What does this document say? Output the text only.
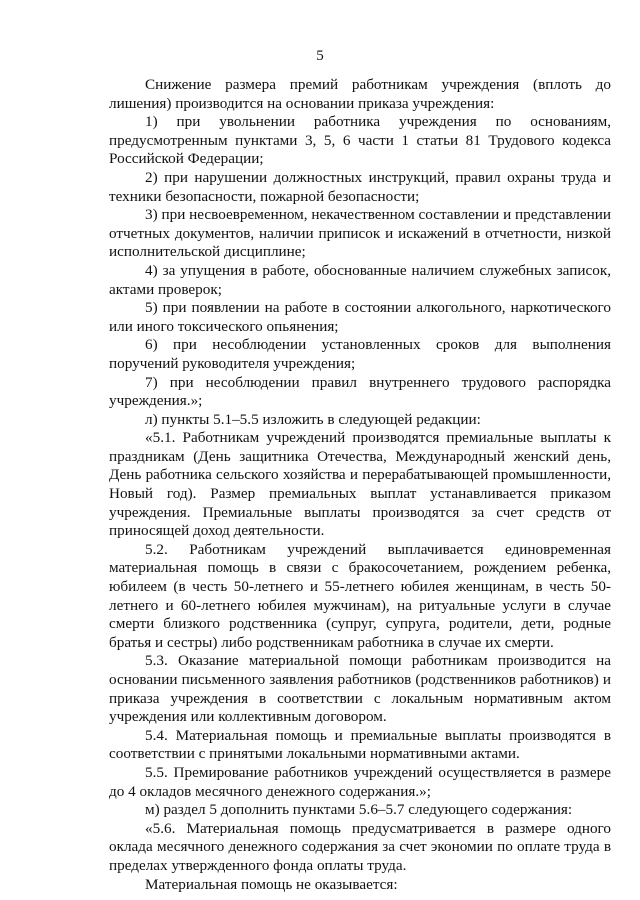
5

Снижение размера премий работникам учреждения (вплоть до лишения) производится на основании приказа учреждения:

1) при увольнении работника учреждения по основаниям, предусмотренным пунктами 3, 5, 6 части 1 статьи 81 Трудового кодекса Российской Федерации;

2) при нарушении должностных инструкций, правил охраны труда и техники безопасности, пожарной безопасности;

3) при несвоевременном, некачественном составлении и представлении отчетных документов, наличии приписок и искажений в отчетности, низкой исполнительской дисциплине;

4) за упущения в работе, обоснованные наличием служебных записок, актами проверок;

5) при появлении на работе в состоянии алкогольного, наркотического или иного токсического опьянения;

6) при несоблюдении установленных сроков для выполнения поручений руководителя учреждения;

7) при несоблюдении правил внутреннего трудового распорядка учреждения.»;

л) пункты 5.1–5.5 изложить в следующей редакции:

«5.1. Работникам учреждений производятся премиальные выплаты к праздникам (День защитника Отечества, Международный женский день, День работника сельского хозяйства и перерабатывающей промышленности, Новый год). Размер премиальных выплат устанавливается приказом учреждения. Премиальные выплаты производятся за счет средств от приносящей доход деятельности.

5.2. Работникам учреждений выплачивается единовременная материальная помощь в связи с бракосочетанием, рождением ребенка, юбилеем (в честь 50-летнего и 55-летнего юбилея женщинам, в честь 50-летнего и 60-летнего юбилея мужчинам), на ритуальные услуги в случае смерти близкого родственника (супруг, супруга, родители, дети, родные братья и сестры) либо родственникам работника в случае их смерти.

5.3. Оказание материальной помощи работникам производится на основании письменного заявления работников (родственников работников) и приказа учреждения в соответствии с локальным нормативным актом учреждения или коллективным договором.

5.4. Материальная помощь и премиальные выплаты производятся в соответствии с принятыми локальными нормативными актами.

5.5. Премирование работников учреждений осуществляется в размере до 4 окладов месячного денежного содержания.»;

м) раздел 5 дополнить пунктами 5.6–5.7 следующего содержания:

«5.6. Материальная помощь предусматривается в размере одного оклада месячного денежного содержания за счет экономии по оплате труда в пределах утвержденного фонда оплаты труда.

Материальная помощь не оказывается:
